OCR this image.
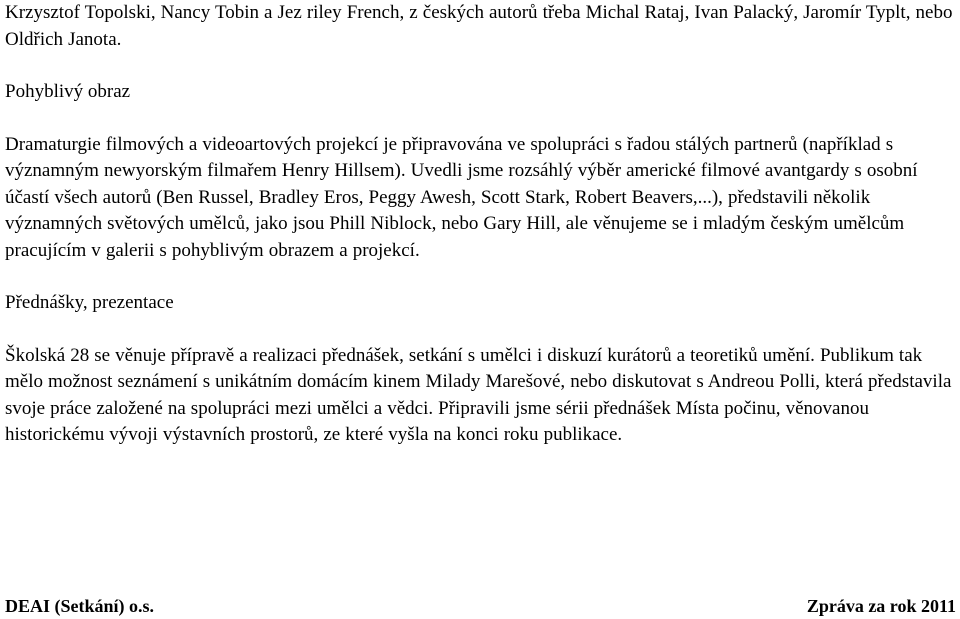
Krzysztof Topolski, Nancy Tobin a Jez riley French, z českých autorů třeba Michal Rataj, Ivan Palacký, Jaromír Typlt, nebo Oldřich Janota.

Pohyblivý obraz

Dramaturgie filmových a videoartových projekcí je připravována ve spolupráci s řadou stálých partnerů (například s významným newyorským filmařem Henry Hillsem). Uvedli jsme rozsáhlý výběr americké filmové avantgardy s osobní účastí všech autorů (Ben Russel, Bradley Eros, Peggy Awesh, Scott Stark, Robert Beavers,...), představili několik významných světových umělců, jako jsou Phill Niblock, nebo Gary Hill, ale věnujeme se i mladým českým umělcům pracujícím v galerii s pohyblivým obrazem a projekcí.

Přednášky, prezentace

Školská 28 se věnuje přípravě a realizaci přednášek, setkání s umělci i diskuzí kurátorů a teoretiků umění. Publikum tak mělo možnost seznámení s unikátním domácím kinem Milady Marešové, nebo diskutovat s Andreou Polli, která představila svoje práce založené na spolupráci mezi umělci a vědci. Připravili jsme sérii přednášek Místa počinu, věnovanou historickému vývoji výstavních prostorů, ze které vyšla na konci roku publikace.

DEAI (Setkání) o.s.	Zpráva za rok 2011
